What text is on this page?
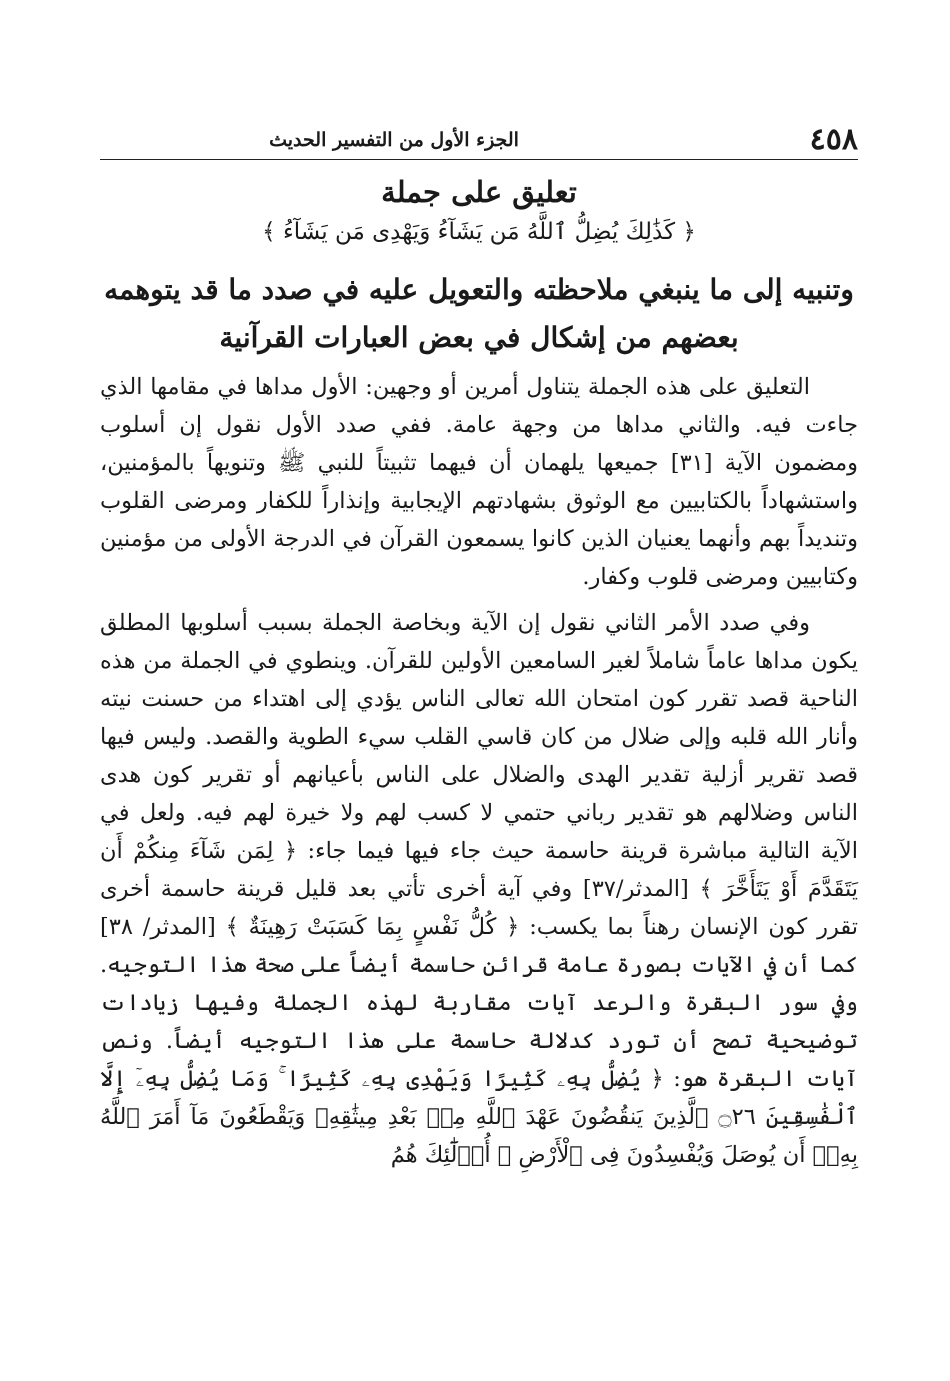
٤٥٨
الجزء الأول من التفسير الحديث
تعليق على جملة
﴿ كَذَٰلِكَ يُضِلُّ ٱللَّهُ مَن يَشَآءُ وَيَهْدِى مَن يَشَآءُ ﴾
وتنبيه إلى ما ينبغي ملاحظته والتعويل عليه في صدد ما قد يتوهمه
بعضهم من إشكال في بعض العبارات القرآنية

التعليق على هذه الجملة يتناول أمرين أو وجهين: الأول مداها في مقامها الذي جاءت فيه. والثاني مداها من وجهة عامة. ففي صدد الأول نقول إن أسلوب ومضمون الآية [٣١] جميعها يلهمان أن فيهما تثبيتاً للنبي ﷺ وتنويهاً بالمؤمنين، واستشهاداً بالكتابيين مع الوثوق بشهادتهم الإيجابية وإنذاراً للكفار ومرضى القلوب وتنديداً بهم وأنهما يعنيان الذين كانوا يسمعون القرآن في الدرجة الأولى من مؤمنين وكتابيين ومرضى قلوب وكفار.

وفي صدد الأمر الثاني نقول إن الآية وبخاصة الجملة بسبب أسلوبها المطلق يكون مداها عاماً شاملاً لغير السامعين الأولين للقرآن. وينطوي في الجملة من هذه الناحية قصد تقرر كون امتحان الله تعالى الناس يؤدي إلى اهتداء من حسنت نيته وأنار الله قلبه وإلى ضلال من كان قاسي القلب سيء الطوية والقصد. وليس فيها قصد تقرير أزلية تقدير الهدى والضلال على الناس بأعيانهم أو تقرير كون هدى الناس وضلالهم هو تقدير رباني حتمي لا كسب لهم ولا خيرة لهم فيه. ولعل في الآية التالية مباشرة قرينة حاسمة حيث جاء فيها فيما جاء: ﴿ لِمَن شَآءَ مِنكُمْ أَن يَتَقَدَّمَ أَوْ يَتَأَخَّرَ ﴾ [المدثر/٣٧] وفي آية أخرى تأتي بعد قليل قرينة حاسمة أخرى تقرر كون الإنسان رهناً بما يكسب: ﴿ كُلُّ نَفْسٍ بِمَا كَسَبَتْ رَهِينَةٌ ﴾ [المدثر/ ٣٨] كما أن في الآيات بصورة عامة قرائن حاسمة أيضاً على صحة هذا التوجيه. وفي سور البقرة والرعد آيات مقاربة لهذه الجملة وفيها زيادات توضيحية تصح أن تورد كدلالة حاسمة على هذا التوجيه أيضاً. ونص آيات البقرة هو: ﴿ يُضِلُّ بِهِۦ كَثِيرًا وَيَهْدِى بِهِۦ كَثِيرًا ۚ وَمَا يُضِلُّ بِهِۦٓ إِلَّا ٱلْفَٰسِقِينَ ۝٢٦ ٱلَّذِينَ يَنقُضُونَ عَهْدَ ٱللَّهِ مِنۢ بَعْدِ مِيثَٰقِهِۦ وَيَقْطَعُونَ مَآ أَمَرَ ٱللَّهُ بِهِۦٓ أَن يُوصَلَ وَيُفْسِدُونَ فِى ٱلْأَرْضِ ۚ أُو۟لَٰٓئِكَ هُمُ
